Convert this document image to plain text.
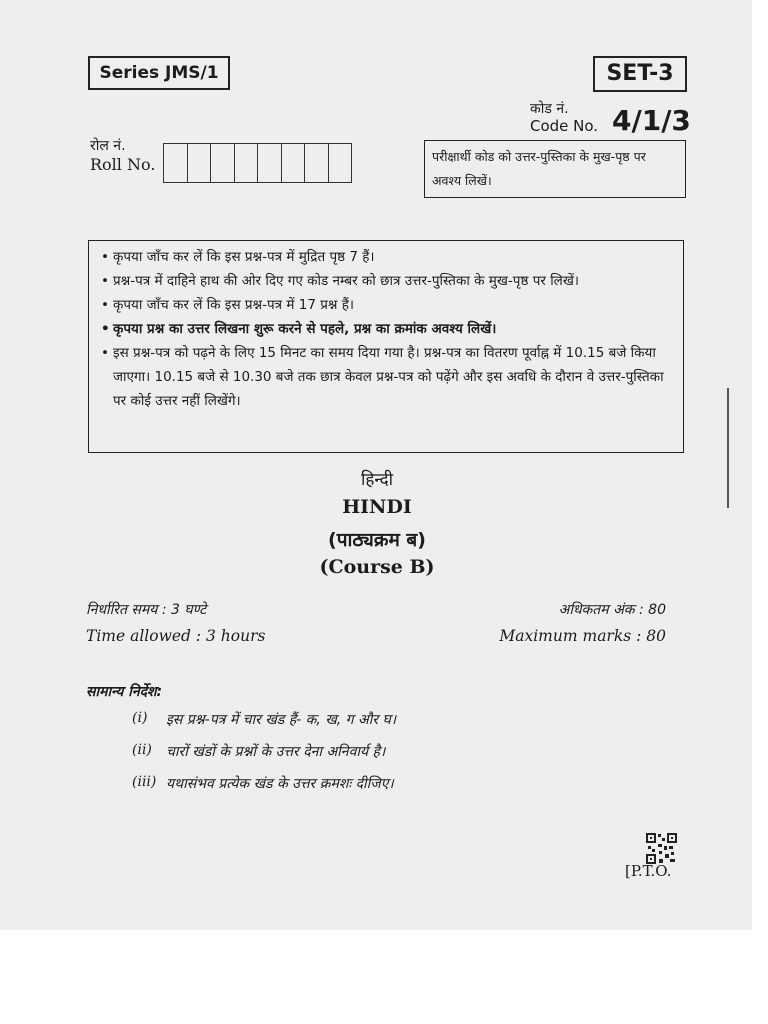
Series JMS/1	SET-3
कोड नं.
Code No. 4/1/3
रोल नं.
Roll No.	परीक्षार्थी कोड को उत्तर-पुस्तिका के मुख-पृष्ठ पर अवश्य लिखें।
• कृपया जाँच कर लें कि इस प्रश्न-पत्र में मुद्रित पृष्ठ 7 हैं।
• प्रश्न-पत्र में दाहिने हाथ की ओर दिए गए कोड नम्बर को छात्र उत्तर-पुस्तिका के मुख-पृष्ठ पर लिखें।
• कृपया जाँच कर लें कि इस प्रश्न-पत्र में 17 प्रश्न हैं।
• कृपया प्रश्न का उत्तर लिखना शुरू करने से पहले, प्रश्न का क्रमांक अवश्य लिखें।
• इस प्रश्न-पत्र को पढ़ने के लिए 15 मिनट का समय दिया गया है। प्रश्न-पत्र का वितरण पूर्वाह्न में 10.15 बजे किया जाएगा। 10.15 बजे से 10.30 बजे तक छात्र केवल प्रश्न-पत्र को पढ़ेंगे और इस अवधि के दौरान वे उत्तर-पुस्तिका पर कोई उत्तर नहीं लिखेंगे।
हिन्दी
HINDI
(पाठ्यक्रम ब)
(Course B)
निर्धारित समय : 3 घण्टे
Time allowed : 3 hours
अधिकतम अंक : 80
Maximum marks : 80
सामान्य निर्देश:
(i)	इस प्रश्न-पत्र में चार खंड हैं- क, ख, ग और घ।
(ii)	चारों खंडों के प्रश्नों के उत्तर देना अनिवार्य है।
(iii) यथासंभव प्रत्येक खंड के उत्तर क्रमशः दीजिए।
[P.T.O.
